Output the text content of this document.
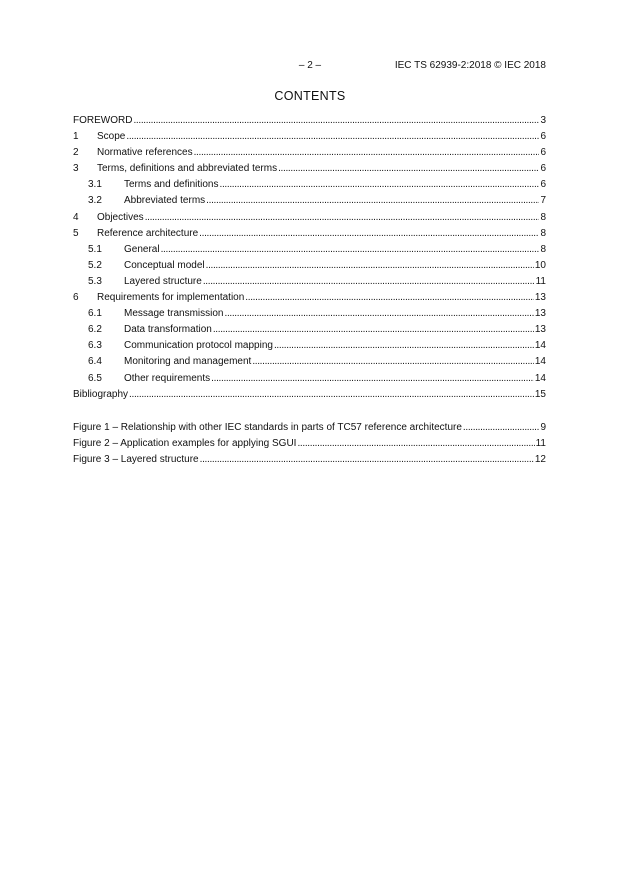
– 2 –	IEC TS 62939-2:2018 © IEC 2018
CONTENTS
FOREWORD . . .	3
1	Scope . . .	6
2	Normative references . . .	6
3	Terms, definitions and abbreviated terms . . .	6
3.1	Terms and definitions . . .	6
3.2	Abbreviated terms . . .	7
4	Objectives . . .	8
5	Reference architecture . . .	8
5.1	General . . .	8
5.2	Conceptual model . . .	10
5.3	Layered structure . . .	11
6	Requirements for implementation . . .	13
6.1	Message transmission . . .	13
6.2	Data transformation . . .	13
6.3	Communication protocol mapping . . .	14
6.4	Monitoring and management . . .	14
6.5	Other requirements . . .	14
Bibliography . . .	15
Figure 1 – Relationship with other IEC standards in parts of TC57 reference architecture . . .	9
Figure 2 – Application examples for applying SGUI . . .	11
Figure 3 – Layered structure . . .	12
